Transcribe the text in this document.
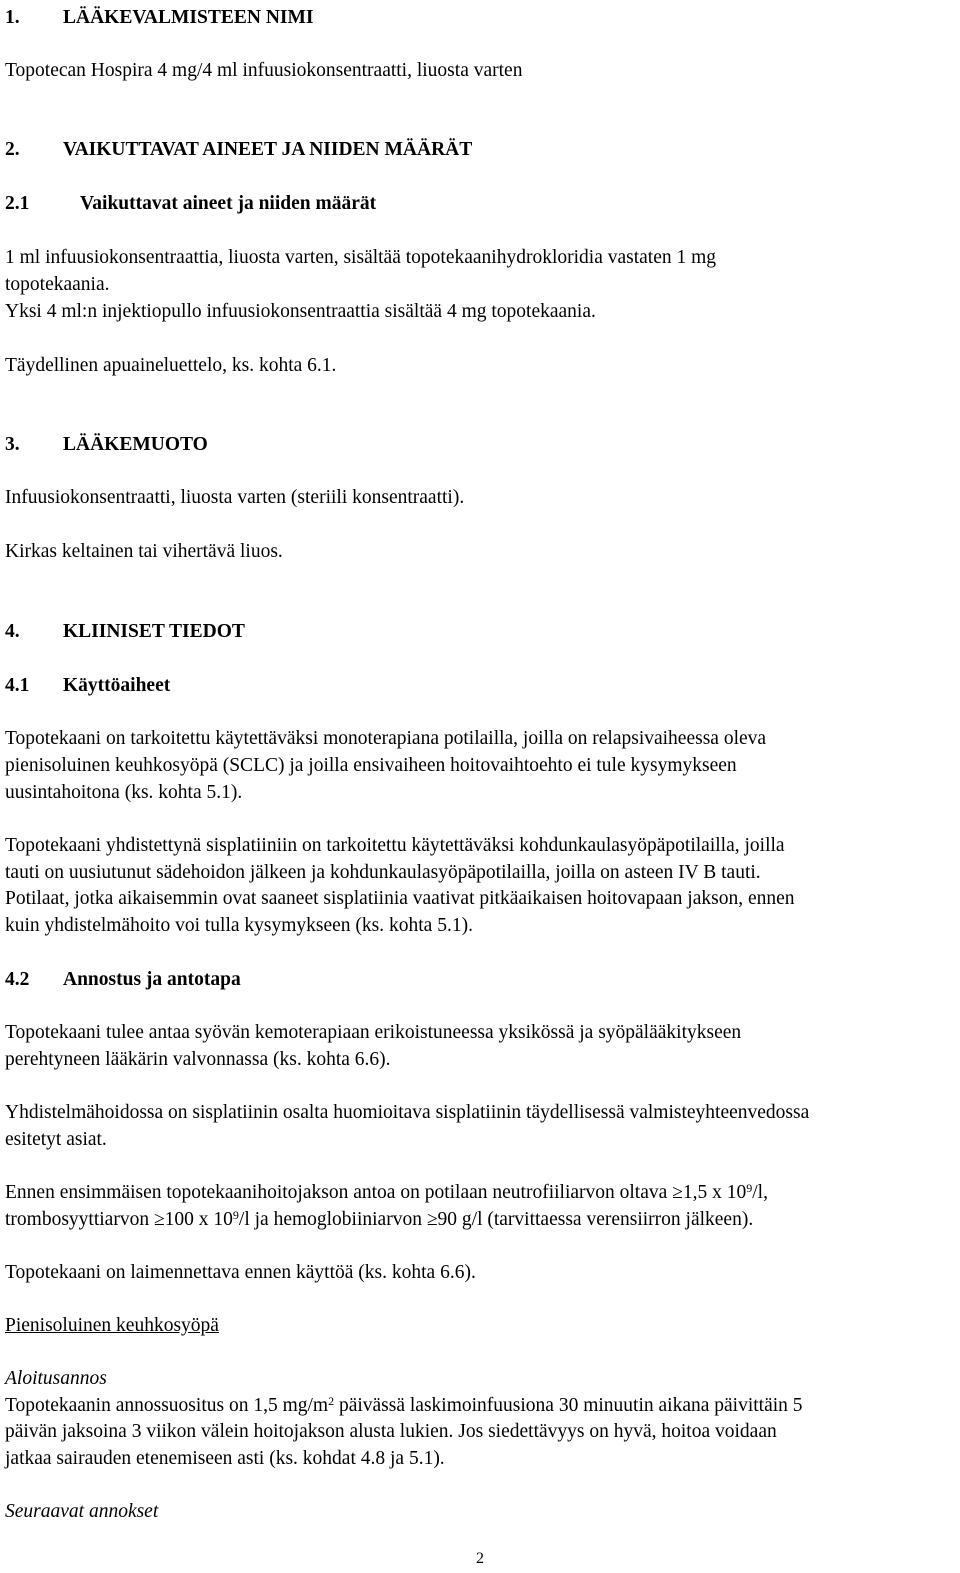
1. LÄÄKEVALMISTEEN NIMI
Topotecan Hospira 4 mg/4 ml infuusiokonsentraatti, liuosta varten
2. VAIKUTTAVAT AINEET JA NIIDEN MÄÄRÄT
2.1	Vaikuttavat aineet ja niiden määrät
1 ml infuusiokonsentraattia, liuosta varten, sisältää topotekaanihydrokloridia vastaten 1 mg
topotekaania.
Yksi 4 ml:n injektiopullo infuusiokonsentraattia sisältää 4 mg topotekaania.
Täydellinen apuaineluettelo, ks. kohta 6.1.
3. LÄÄKEMUOTO
Infuusiokonsentraatti, liuosta varten (steriili konsentraatti).
Kirkas keltainen tai vihertävä liuos.
4. KLIINISET TIEDOT
4.1 Käyttöaiheet
Topotekaani on tarkoitettu käytettäväksi monoterapiana potilailla, joilla on relapsivaiheessa oleva
pienisoluinen keuhkosyöpä (SCLC) ja joilla ensivaiheen hoitovaihtoehto ei tule kysymykseen
uusintahoitona (ks. kohta 5.1).
Topotekaani yhdistettynä sisplatiiniin on tarkoitettu käytettäväksi kohdunkaulasyöpäpotilailla, joilla
tauti on uusiutunut sädehoidon jälkeen ja kohdunkaulasyöpäpotilailla, joilla on asteen IV B tauti.
Potilaat, jotka aikaisemmin ovat saaneet sisplatiinia vaativat pitkäaikaisen hoitovapaan jakson, ennen
kuin yhdistelmähoito voi tulla kysymykseen (ks. kohta 5.1).
4.2 Annostus ja antotapa
Topotekaani tulee antaa syövän kemoterapiaan erikoistuneessa yksikössä ja syöpälääkitykseen
perehtyneen lääkärin valvonnassa (ks. kohta 6.6).
Yhdistelmähoidossa on sisplatiinin osalta huomioitava sisplatiinin täydellisessä valmisteyhteenvedossa
esitetyt asiat.
Ennen ensimmäisen topotekaanihoitojakson antoa on potilaan neutrofiiliarvon oltava ≥1,5 x $10^9/l$,
trombosyyttiarvon ≥100 x $10^9/l$ ja hemoglobiiniarvon ≥90 g/l (tarvittaessa verensiirron jälkeen).
Topotekaani on laimennettava ennen käyttöä (ks. kohta 6.6).
Pienisoluinen keuhkosyöpä
Aloitusannos
Topotekaanin annossuositus on 1,5 $mg/m^2$ päivässä laskimoinfuusiona 30 minuutin aikana päivittäin 5
päivän jaksoina 3 viikon välein hoitojakson alusta lukien. Jos siedettävyys on hyvä, hoitoa voidaan
jatkaa sairauden etenemiseen asti (ks. kohdat 4.8 ja 5.1).
Seuraavat annokset
2
